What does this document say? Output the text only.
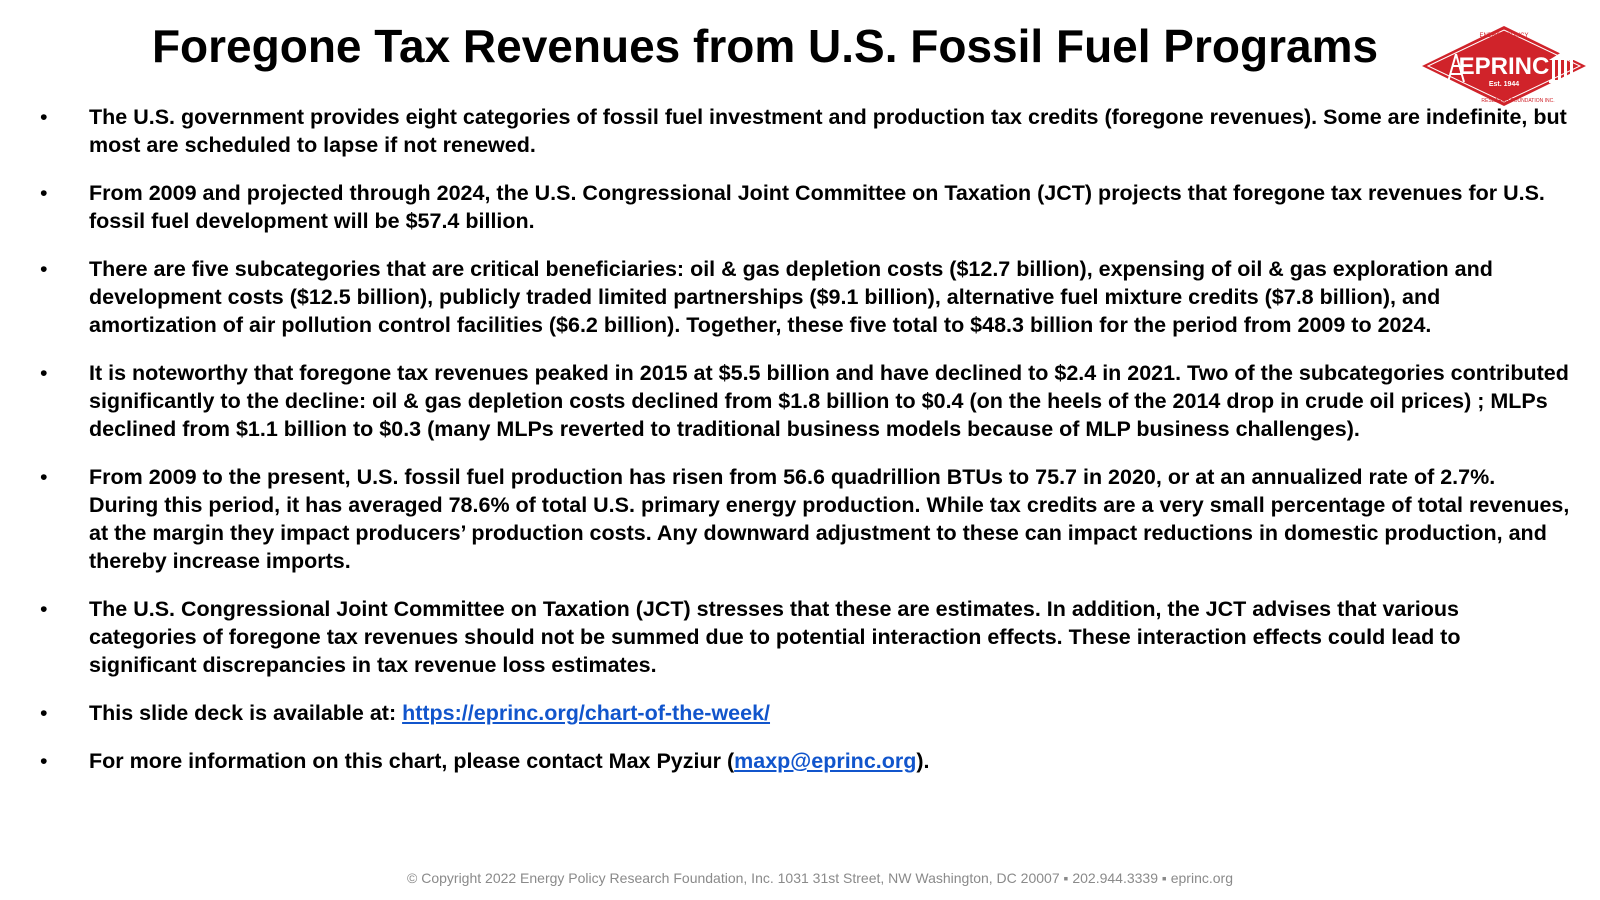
Foregone Tax Revenues from U.S. Fossil Fuel Programs	EPRINC
Est. 1944
ENERGY POLICY
RESEARCH FOUNDATION INC.
• The U.S. government provides eight categories of fossil fuel investment and production tax credits (foregone revenues). Some are indefinite, but most are scheduled to lapse if not renewed.
• From 2009 and projected through 2024, the U.S. Congressional Joint Committee on Taxation (JCT) projects that foregone tax revenues for U.S. fossil fuel development will be $57.4 billion.
• There are five subcategories that are critical beneficiaries: oil & gas depletion costs ($12.7 billion), expensing of oil & gas exploration and development costs ($12.5 billion), publicly traded limited partnerships ($9.1 billion), alternative fuel mixture credits ($7.8 billion), and amortization of air pollution control facilities ($6.2 billion). Together, these five total to $48.3 billion for the period from 2009 to 2024.
• It is noteworthy that foregone tax revenues peaked in 2015 at $5.5 billion and have declined to $2.4 in 2021. Two of the subcategories contributed significantly to the decline: oil & gas depletion costs declined from $1.8 billion to $0.4 (on the heels of the 2014 drop in crude oil prices) ; MLPs declined from $1.1 billion to $0.3 (many MLPs reverted to traditional business models because of MLP business challenges).
• From 2009 to the present, U.S. fossil fuel production has risen from 56.6 quadrillion BTUs to 75.7 in 2020, or at an annualized rate of 2.7%. During this period, it has averaged 78.6% of total U.S. primary energy production. While tax credits are a very small percentage of total revenues, at the margin they impact producers’ production costs. Any downward adjustment to these can impact reductions in domestic production, and thereby increase imports.
• The U.S. Congressional Joint Committee on Taxation (JCT) stresses that these are estimates. In addition, the JCT advises that various categories of foregone tax revenues should not be summed due to potential interaction effects. These interaction effects could lead to significant discrepancies in tax revenue loss estimates.
• This slide deck is available at: https://eprinc.org/chart-of-the-week/
• For more information on this chart, please contact Max Pyziur (maxp@eprinc.org).
© Copyright 2022 Energy Policy Research Foundation, Inc. 1031 31st Street, NW Washington, DC 20007 ▪ 202.944.3339 ▪ eprinc.org
